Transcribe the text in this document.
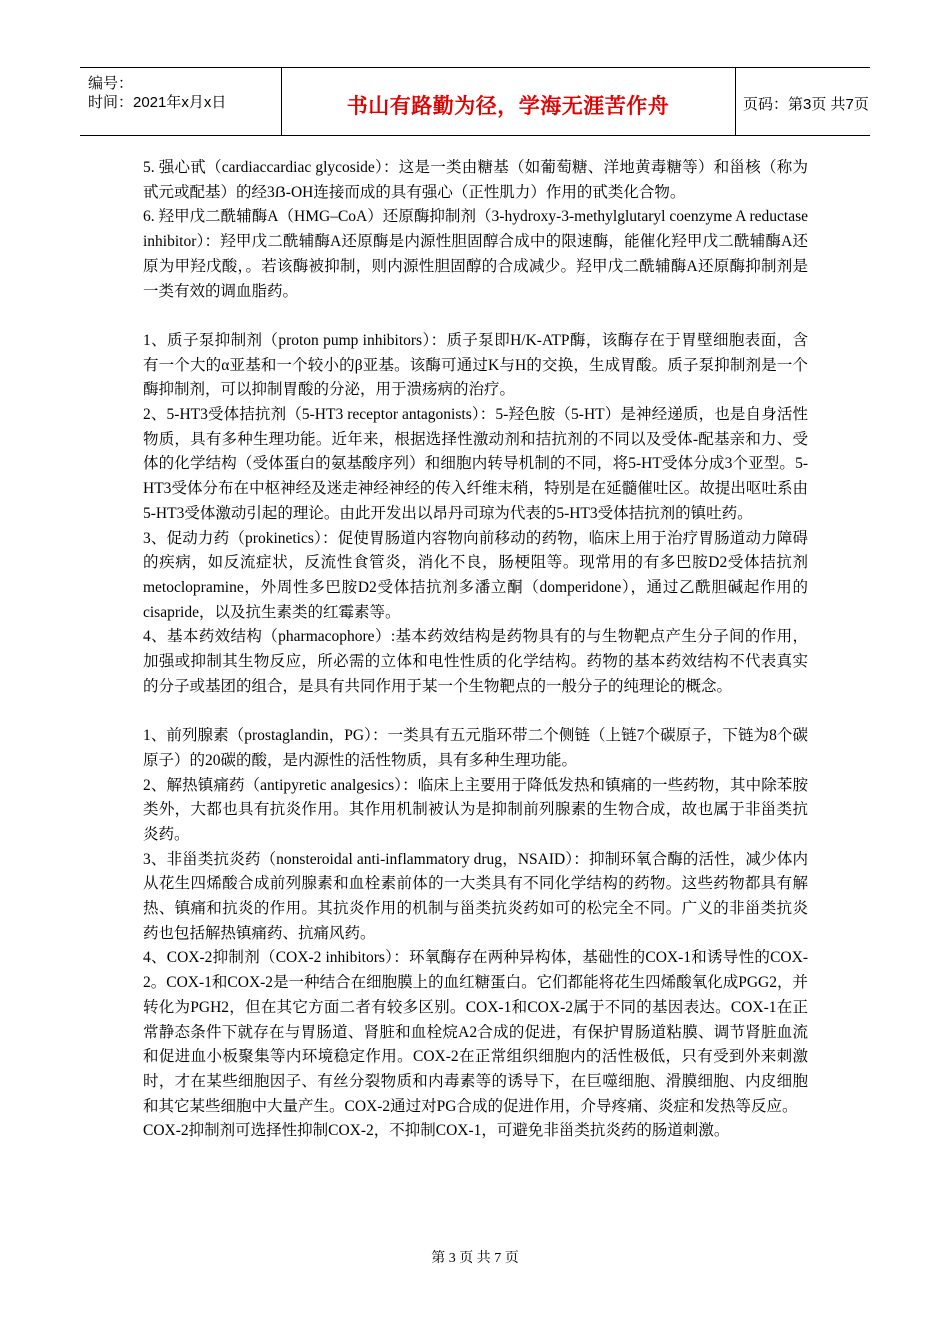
编号：
时间：2021年x月x日	书山有路勤为径，学海无涯苦作舟	页码：第3页 共7页

5. 强心甙（cardiaccardiac glycoside）：这是一类由糖基（如葡萄糖、洋地黄毒糖等）和甾核（称为甙元或配基）的经3ẞ-OH连接而成的具有强心（正性肌力）作用的甙类化合物。

6. 羟甲戊二酰辅酶A（HMG–CoA）还原酶抑制剂（3-hydroxy-3-methylglutaryl coenzyme A reductase inhibitor）：羟甲戊二酰辅酶A还原酶是内源性胆固醇合成中的限速酶，能催化羟甲戊二酰辅酶A还原为甲羟戊酸，。若该酶被抑制，则内源性胆固醇的合成减少。羟甲戊二酰辅酶A还原酶抑制剂是一类有效的调血脂药。

1、质子泵抑制剂（proton pump inhibitors）：质子泵即H/K-ATP酶，该酶存在于胃壁细胞表面，含有一个大的α亚基和一个较小的β亚基。该酶可通过K与H的交换，生成胃酸。质子泵抑制剂是一个酶抑制剂，可以抑制胃酸的分泌，用于溃疡病的治疗。

2、5-HT3受体拮抗剂（5-HT3 receptor antagonists）：5-羟色胺（5-HT）是神经递质，也是自身活性物质，具有多种生理功能。近年来，根据选择性激动剂和拮抗剂的不同以及受体-配基亲和力、受体的化学结构（受体蛋白的氨基酸序列）和细胞内转导机制的不同，将5-HT受体分成3个亚型。5-HT3受体分布在中枢神经及迷走神经神经的传入纤维末稍，特别是在延髓催吐区。故提出呕吐系由5-HT3受体激动引起的理论。由此开发出以昂丹司琼为代表的5-HT3受体拮抗剂的镇吐药。

3、促动力药（prokinetics）：促使胃肠道内容物向前移动的药物，临床上用于治疗胃肠道动力障碍的疾病，如反流症状，反流性食管炎，消化不良，肠梗阻等。现常用的有多巴胺D2受体拮抗剂metoclopramine，外周性多巴胺D2受体拮抗剂多潘立酮（domperidone），通过乙酰胆碱起作用的cisapride，以及抗生素类的红霉素等。

4、基本药效结构（pharmacophore）:基本药效结构是药物具有的与生物靶点产生分子间的作用，加强或抑制其生物反应，所必需的立体和电性性质的化学结构。药物的基本药效结构不代表真实的分子或基团的组合，是具有共同作用于某一个生物靶点的一般分子的纯理论的概念。

1、前列腺素（prostaglandin，PG）：一类具有五元脂环带二个侧链（上链7个碳原子，下链为8个碳原子）的20碳的酸，是内源性的活性物质，具有多种生理功能。

2、解热镇痛药（antipyretic analgesics）：临床上主要用于降低发热和镇痛的一些药物，其中除苯胺类外，大都也具有抗炎作用。其作用机制被认为是抑制前列腺素的生物合成，故也属于非甾类抗炎药。

3、非甾类抗炎药（nonsteroidal anti-inflammatory drug，NSAID）：抑制环氧合酶的活性，减少体内从花生四烯酸合成前列腺素和血栓素前体的一大类具有不同化学结构的药物。这些药物都具有解热、镇痛和抗炎的作用。其抗炎作用的机制与甾类抗炎药如可的松完全不同。广义的非甾类抗炎药也包括解热镇痛药、抗痛风药。

4、COX-2抑制剂（COX-2 inhibitors）：环氧酶存在两种异构体，基础性的COX-1和诱导性的COX-2。COX-1和COX-2是一种结合在细胞膜上的血红糖蛋白。它们都能将花生四烯酸氧化成PGG2，并转化为PGH2，但在其它方面二者有较多区别。COX-1和COX-2属于不同的基因表达。COX-1在正常静态条件下就存在与胃肠道、肾脏和血栓烷A2合成的促进，有保护胃肠道粘膜、调节肾脏血流和促进血小板聚集等内环境稳定作用。COX-2在正常组织细胞内的活性极低，只有受到外来刺激时，才在某些细胞因子、有丝分裂物质和内毒素等的诱导下，在巨噬细胞、滑膜细胞、内皮细胞和其它某些细胞中大量产生。COX-2通过对PG合成的促进作用，介导疼痛、炎症和发热等反应。

COX-2抑制剂可选择性抑制COX-2，不抑制COX-1，可避免非甾类抗炎药的肠道刺激。

第 3 页 共 7 页
